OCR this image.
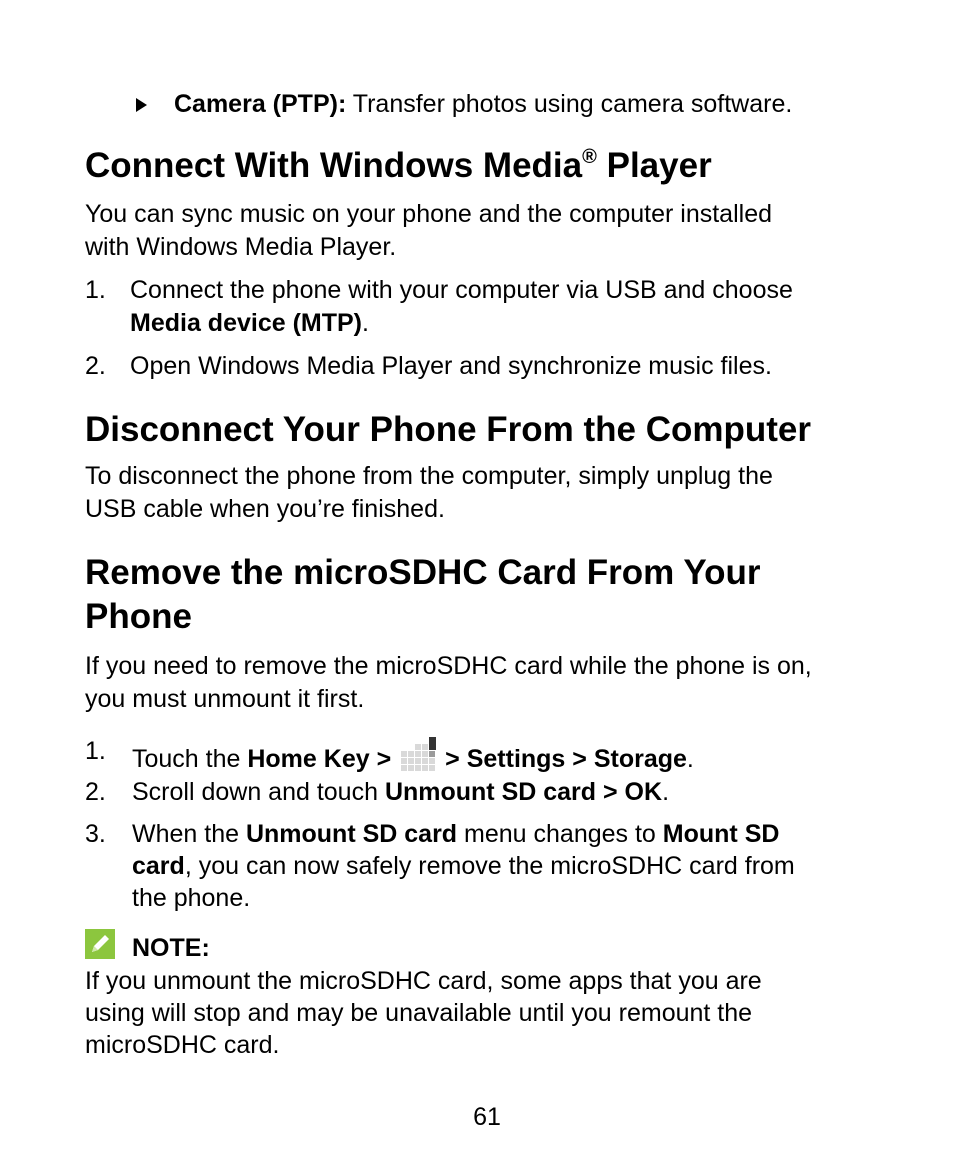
Camera (PTP): Transfer photos using camera software.
Connect With Windows Media® Player
You can sync music on your phone and the computer installed
with Windows Media Player.
1. Connect the phone with your computer via USB and choose
Media device (MTP).
2. Open Windows Media Player and synchronize music files.
Disconnect Your Phone From the Computer
To disconnect the phone from the computer, simply unplug the
USB cable when you’re finished.
Remove the microSDHC Card From Your
Phone
If you need to remove the microSDHC card while the phone is on,
you must unmount it first.
1. Touch the Home Key > > Settings > Storage.
2. Scroll down and touch Unmount SD card > OK.
3. When the Unmount SD card menu changes to Mount SD
card, you can now safely remove the microSDHC card from
the phone.
NOTE:
If you unmount the microSDHC card, some apps that you are
using will stop and may be unavailable until you remount the
microSDHC card.
61
